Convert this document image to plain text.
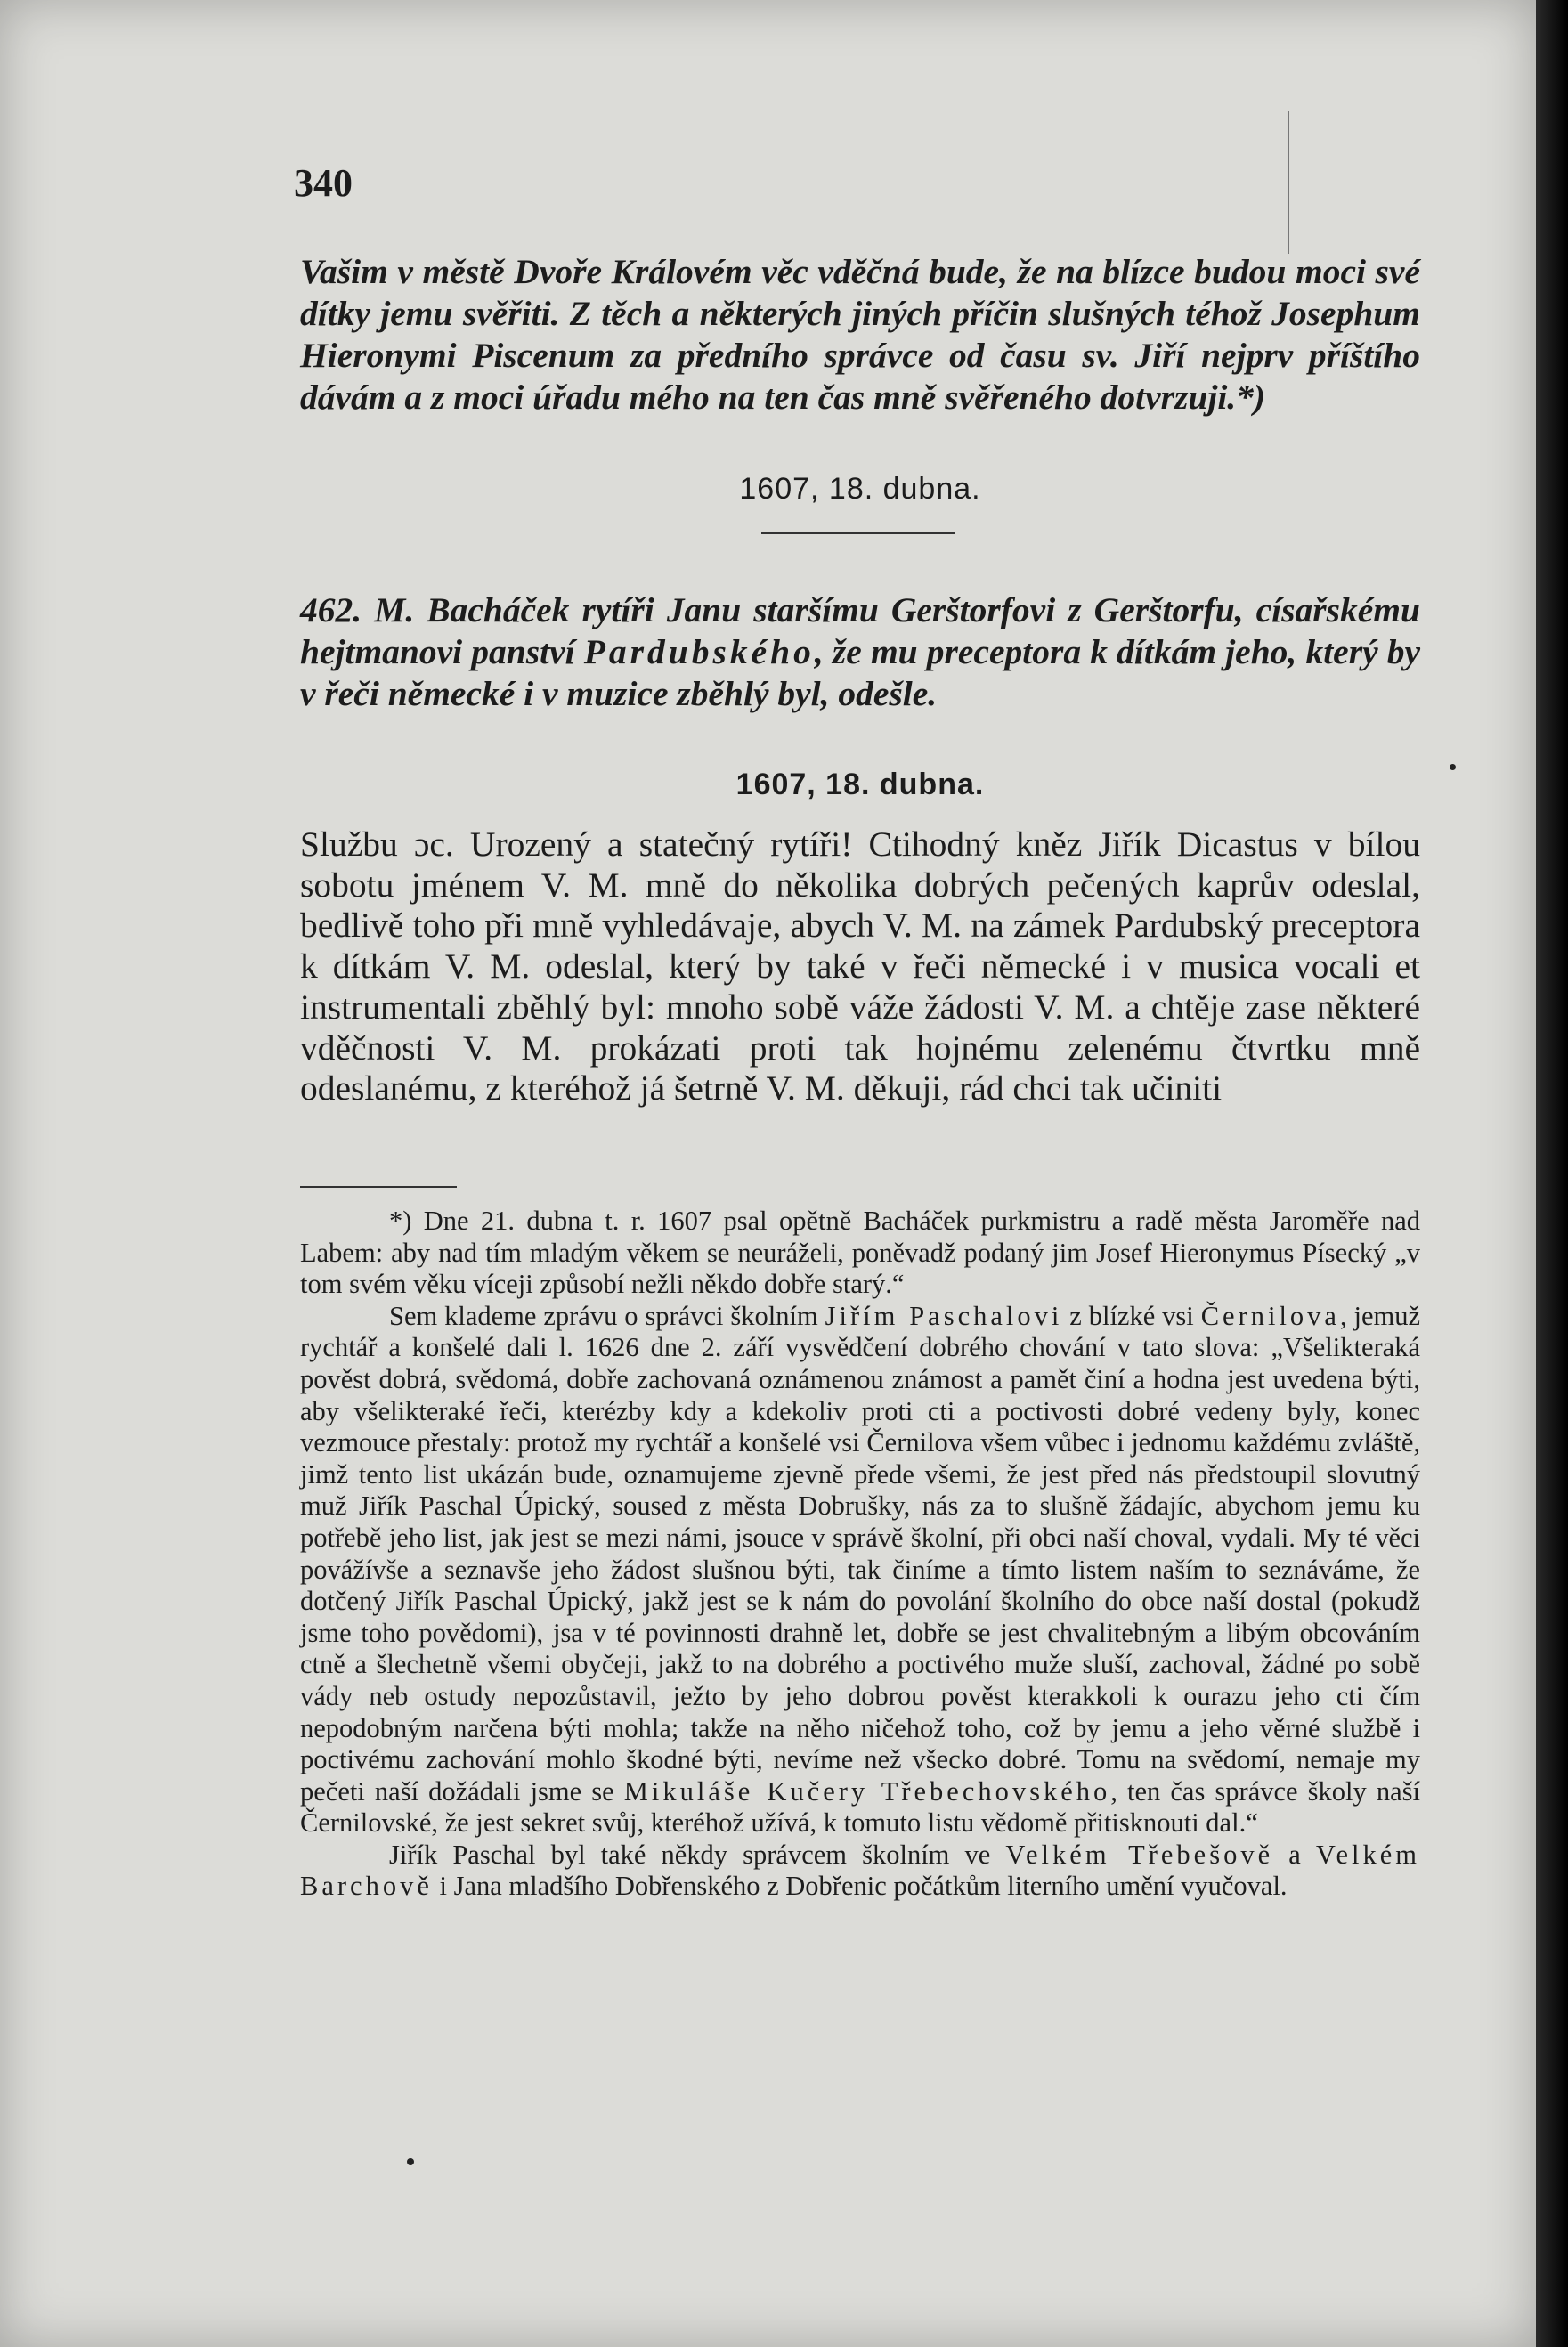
340
Vašim v městě Dvoře Královém věc vděčná bude, že na blízce budou moci své dítky jemu svěřiti. Z těch a některých jiných příčin slušných téhož Josephum Hieronymi Piscenum za předního správce od času sv. Jiří nejprv příštího dávám a z moci úřadu mého na ten čas mně svěřeného dotvrzuji.*)
1607, 18. dubna.
462. M. Bacháček rytíři Janu staršímu Gerštorfovi z Gerštorfu, císařskému hejtmanovi panství Pardubského, že mu preceptora k dítkám jeho, který by v řeči německé i v muzice zběhlý byl, odešle.
1607, 18. dubna.
Službu ɔc. Urozený a statečný rytíři! Ctihodný kněz Jiřík Dicastus v bílou sobotu jménem V. M. mně do několika dobrých pečených kaprův odeslal, bedlivě toho při mně vyhledávaje, abych V. M. na zámek Pardubský preceptora k dítkám V. M. odeslal, který by také v řeči německé i v musica vocali et instrumentali zběhlý byl: mnoho sobě váže žádosti V. M. a chtěje zase některé vděčnosti V. M. prokázati proti tak hojnému zelenému čtvrtku mně odeslanému, z kteréhož já šetrně V. M. děkuji, rád chci tak učiniti

*) Dne 21. dubna t. r. 1607 psal opětně Bacháček purkmistru a radě města Jaroměře nad Labem: aby nad tím mladým věkem se neuráželi, poněvadž podaný jim Josef Hieronymus Písecký „v tom svém věku víceji způsobí nežli někdo dobře starý.“

Sem klademe zprávu o správci školním Jiřím Paschalovi z blízké vsi Černilova, jemuž rychtář a konšelé dali l. 1626 dne 2. září vysvědčení dobrého chování v tato slova: „Všelikteraká pověst dobrá, svědomá, dobře zachovaná oznámenou známost a pamět činí a hodna jest uvedena býti, aby všelikteraké řeči, kterézby kdy a kdekoliv proti cti a poctivosti dobré vedeny byly, konec vezmouce přestaly: protož my rychtář a konšelé vsi Černilova všem vůbec i jednomu každému zvláště, jimž tento list ukázán bude, oznamujeme zjevně přede všemi, že jest před nás předstoupil slovutný muž Jiřík Paschal Úpický, soused z města Dobrušky, nás za to slušně žádajíc, abychom jemu ku potřebě jeho list, jak jest se mezi námi, jsouce v správě školní, při obci naší choval, vydali. My té věci povážívše a seznavše jeho žádost slušnou býti, tak činíme a tímto listem naším to seznáváme, že dotčený Jiřík Paschal Úpický, jakž jest se k nám do povolání školního do obce naší dostal (pokudž jsme toho povědomi), jsa v té povinnosti drahně let, dobře se jest chvalitebným a libým obcováním ctně a šlechetně všemi obyčeji, jakž to na dobrého a poctivého muže sluší, zachoval, žádné po sobě vády neb ostudy nepozůstavil, ježto by jeho dobrou pověst kterakkoli k ourazu jeho cti čím nepodobným narčena býti mohla; takže na něho ničehož toho, což by jemu a jeho věrné službě i poctivému zachování mohlo škodné býti, nevíme než všecko dobré. Tomu na svědomí, nemaje my pečeti naší dožádali jsme se Mikuláše Kučery Třebechovského, ten čas správce školy naší Černilovské, že jest sekret svůj, kteréhož užívá, k tomuto listu vědomě přitisknouti dal.“

Jiřík Paschal byl také někdy správcem školním ve Velkém Třebešově a Velkém Barchově i Jana mladšího Dobřenského z Dobřenic počátkům literního umění vyučoval.
